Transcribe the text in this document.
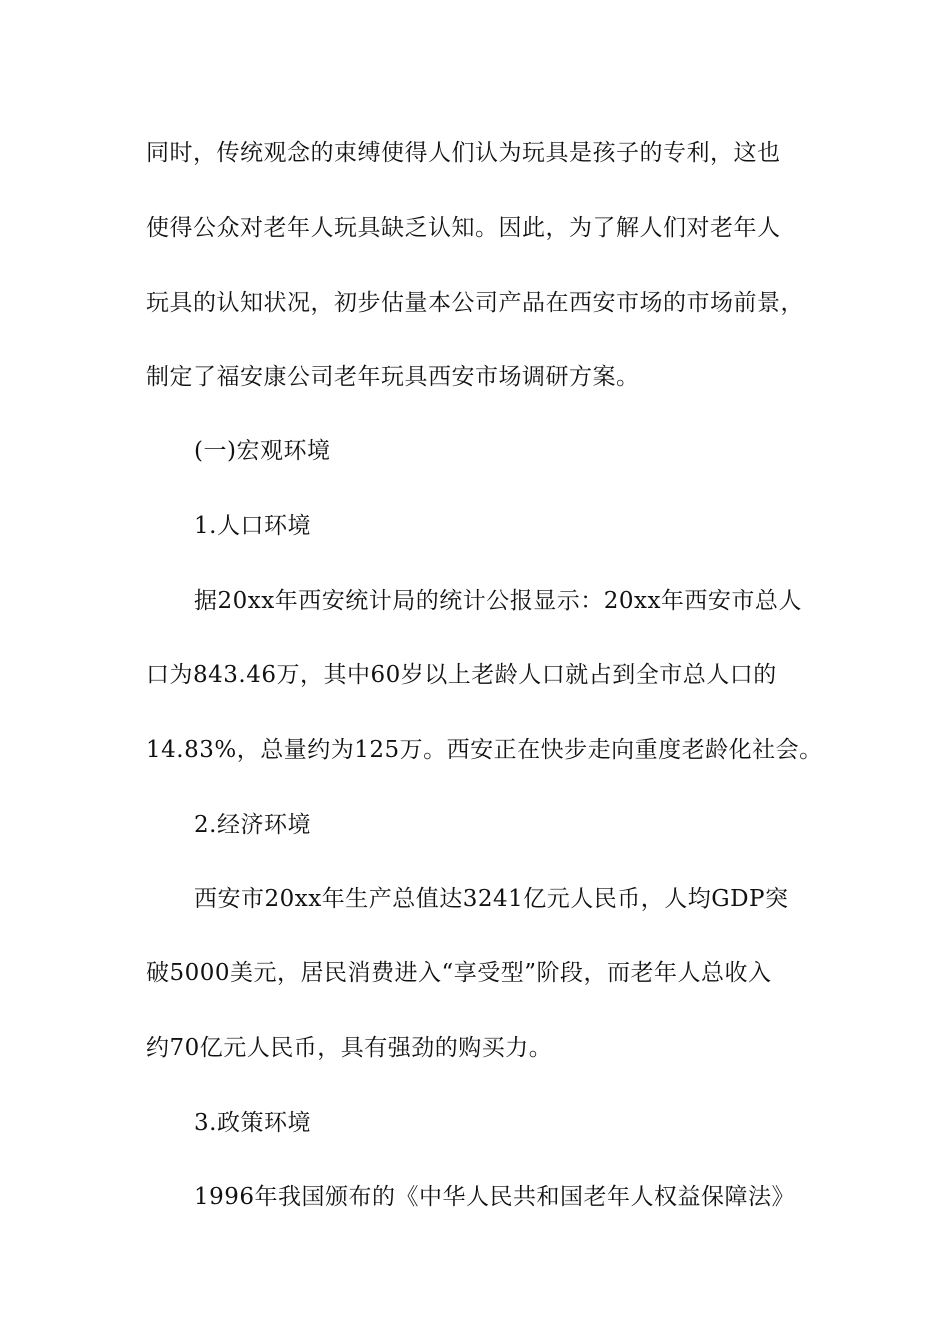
同时，传统观念的束缚使得人们认为玩具是孩子的专利，这也
使得公众对老年人玩具缺乏认知。因此，为了解人们对老年人
玩具的认知状况，初步估量本公司产品在西安市场的市场前景，
制定了福安康公司老年玩具西安市场调研方案。
(一)宏观环境
1.人口环境
据20xx年西安统计局的统计公报显示：20xx年西安市总人
口为843.46万，其中60岁以上老龄人口就占到全市总人口的
14.83%，总量约为125万。西安正在快步走向重度老龄化社会。
2.经济环境
西安市20xx年生产总值达3241亿元人民币，人均GDP突
破5000美元，居民消费进入“享受型”阶段，而老年人总收入
约70亿元人民币，具有强劲的购买力。
3.政策环境
1996年我国颁布的《中华人民共和国老年人权益保障法》
